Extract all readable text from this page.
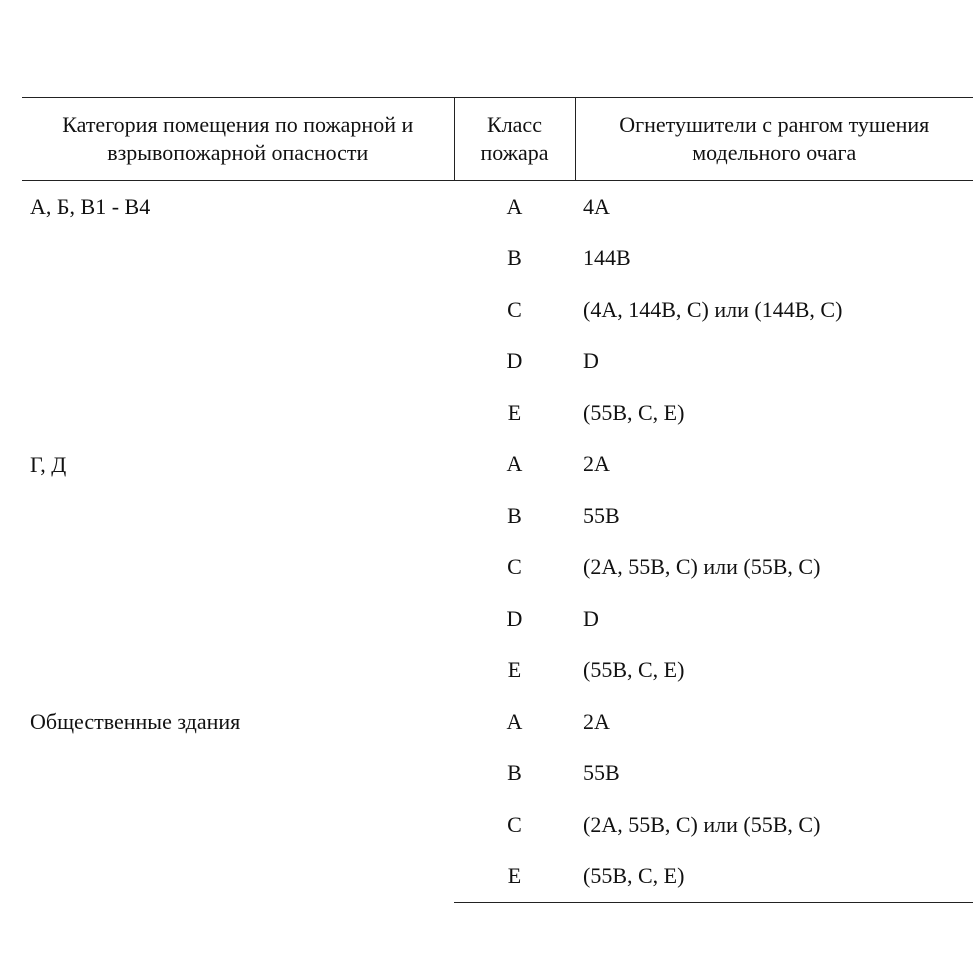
Категория помещения по пожарной и взрывопожарной опасности	Класс пожара	Огнетушители с рангом тушения модельного очага
А, Б, В1 - В4	A	4A
	B	144B
	C	(4A, 144B, C) или (144B, C)
	D	D
	E	(55B, C, E)
Г, Д	A	2A
	B	55B
	C	(2A, 55B, C) или (55B, C)
	D	D
	E	(55B, C, E)
Общественные здания	A	2A
	B	55B
	C	(2A, 55B, C) или (55B, C)
	E	(55B, C, E)
